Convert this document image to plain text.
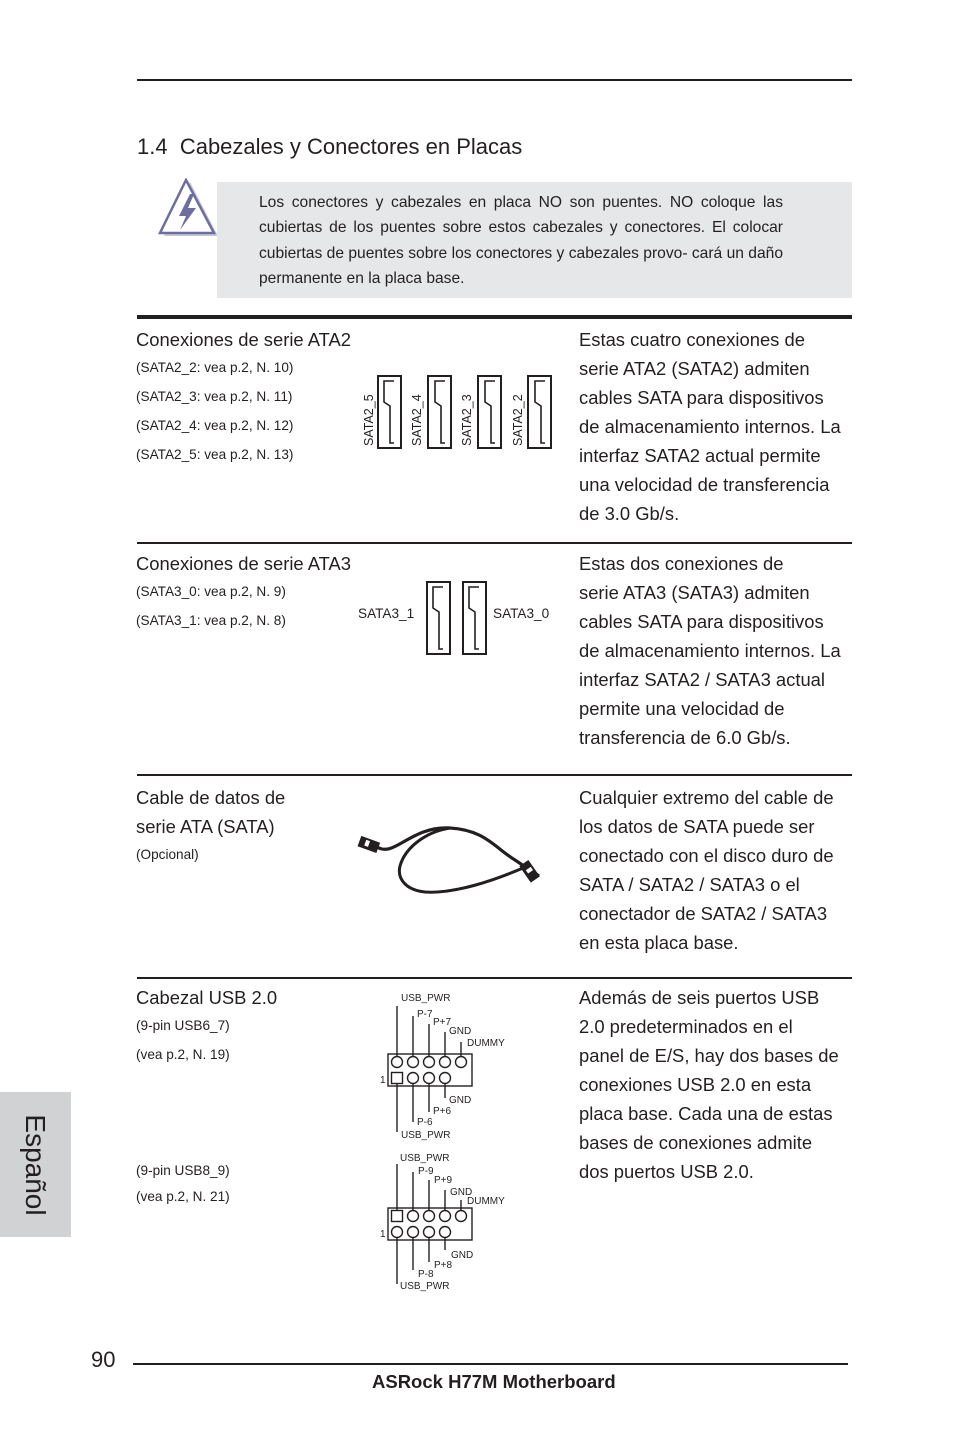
1.4 Cabezales y Conectores en Placas
Los conectores y cabezales en placa NO son puentes. NO coloque las cubiertas de los puentes sobre estos cabezales y conectores. El colocar cubiertas de puentes sobre los conectores y cabezales provo- cará un daño permanente en la placa base.
Conexiones de serie ATA2
(SATA2_2: vea p.2, N. 10)
(SATA2_3: vea p.2, N. 11)
(SATA2_4: vea p.2, N. 12)
(SATA2_5: vea p.2, N. 13)
SATA2_5	SATA2_4	SATA2_3	SATA2_2
Estas cuatro conexiones de
serie ATA2 (SATA2) admiten
cables SATA para dispositivos
de almacenamiento internos. La
interfaz SATA2 actual permite
una velocidad de transferencia
de 3.0 Gb/s.
Conexiones de serie ATA3
(SATA3_0: vea p.2, N. 9)
(SATA3_1: vea p.2, N. 8)	SATA3_1	SATA3_0
Estas dos conexiones de
serie ATA3 (SATA3) admiten
cables SATA para dispositivos
de almacenamiento internos. La
interfaz SATA2 / SATA3 actual
permite una velocidad de
transferencia de 6.0 Gb/s.
Cable de datos de
serie ATA (SATA)
(Opcional)
Cualquier extremo del cable de
los datos de SATA puede ser
conectado con el disco duro de
SATA / SATA2 / SATA3 o el
conectador de SATA2 / SATA3
en esta placa base.
Cabezal USB 2.0
(9-pin USB6_7)
(vea p.2, N. 19)
(9-pin USB8_9)
(vea p.2, N. 21)
USB_PWR
P-7
P+7
GND
DUMMY
GND
P+6
P-6
USB_PWR
1
USB_PWR
P-9
P+9
GND
DUMMY
GND
P+8
P-8
USB_PWR
1
Además de seis puertos USB
2.0 predeterminados en el
panel de E/S, hay dos bases de
conexiones USB 2.0 en esta
placa base. Cada una de estas
bases de conexiones admite
dos puertos USB 2.0.
Español
90
ASRock H77M Motherboard
